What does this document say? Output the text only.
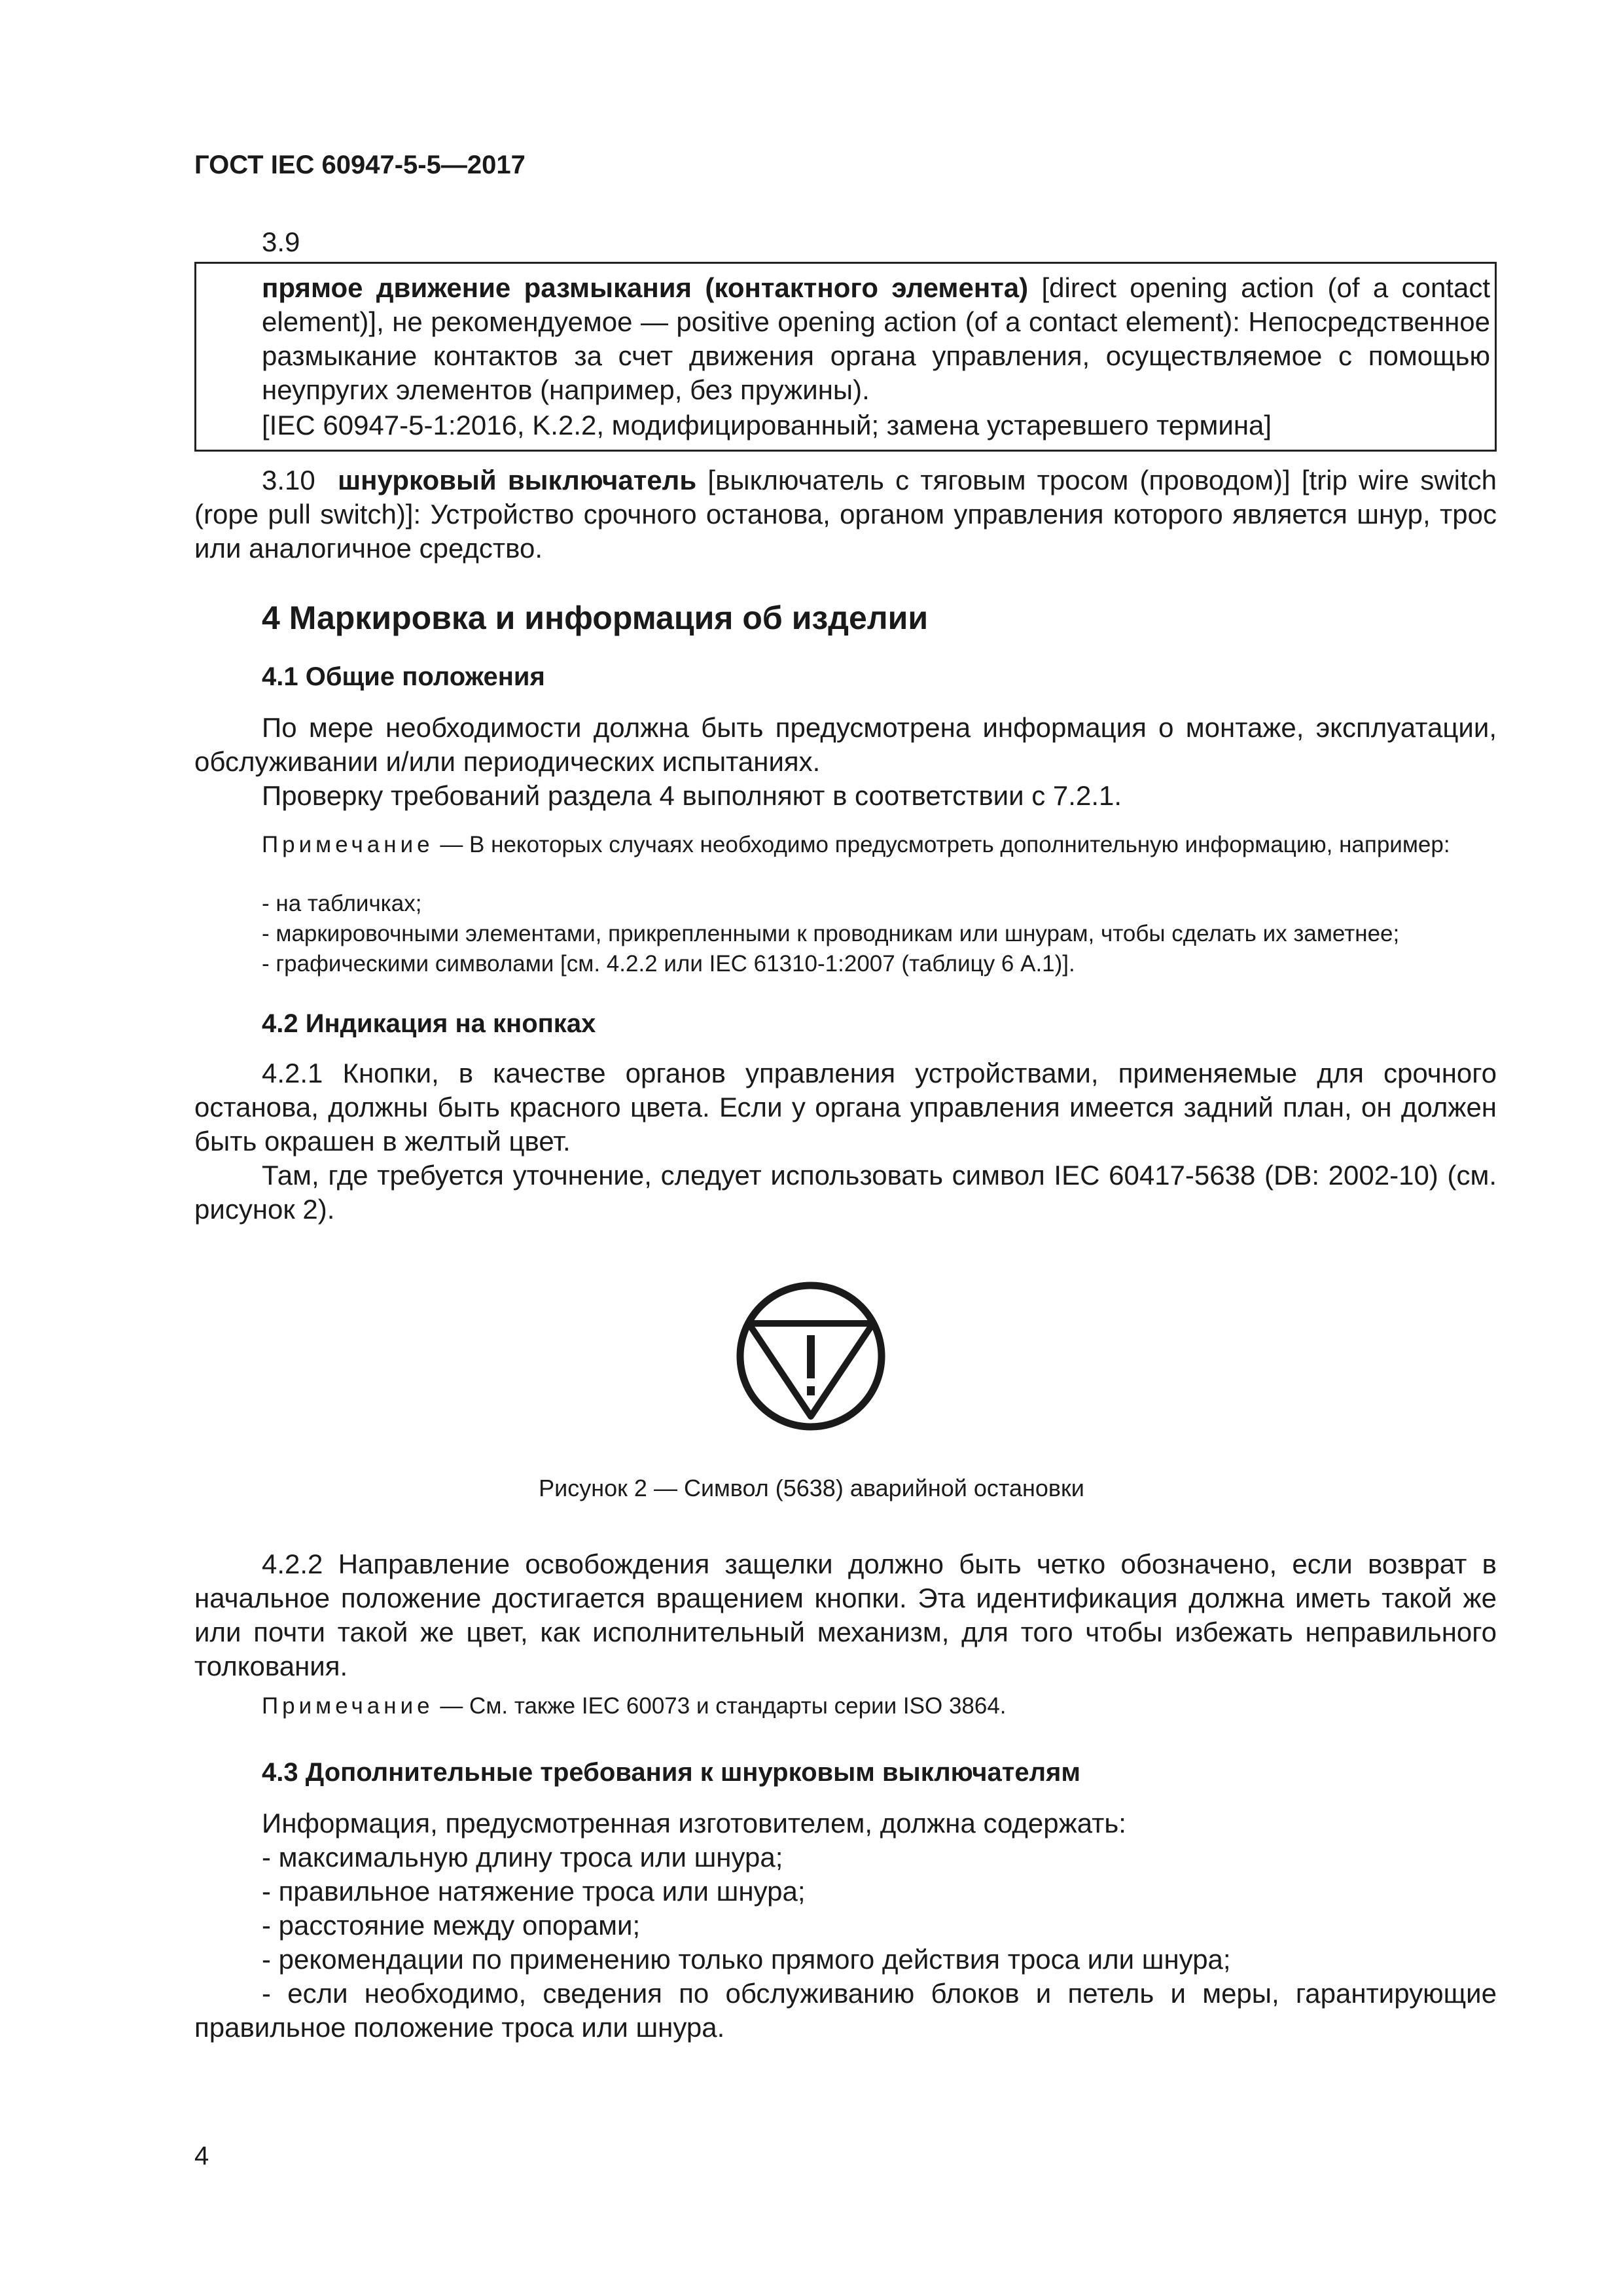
ГОСТ IEC 60947-5-5—2017
3.9
прямое движение размыкания (контактного элемента) [direct opening action (of a contact element)], не рекомендуемое — positive opening action (of a contact element): Непосредственное размыкание контактов за счет движения органа управления, осуществляемое с помощью неупругих элементов (например, без пружины).
[IEC 60947-5-1:2016, K.2.2, модифицированный; замена устаревшего термина]
3.10 шнурковый выключатель [выключатель с тяговым тросом (проводом)] [trip wire switch (rope pull switch)]: Устройство срочного останова, органом управления которого является шнур, трос или аналогичное средство.
4 Маркировка и информация об изделии
4.1 Общие положения
По мере необходимости должна быть предусмотрена информация о монтаже, эксплуатации, обслуживании и/или периодических испытаниях.
Проверку требований раздела 4 выполняют в соответствии с 7.2.1.
Примечание — В некоторых случаях необходимо предусмотреть дополнительную информацию, например:
- на табличках;
- маркировочными элементами, прикрепленными к проводникам или шнурам, чтобы сделать их заметнее;
- графическими символами [см. 4.2.2 или IEC 61310-1:2007 (таблицу 6 A.1)].
4.2 Индикация на кнопках
4.2.1 Кнопки, в качестве органов управления устройствами, применяемые для срочного останова, должны быть красного цвета. Если у органа управления имеется задний план, он должен быть окрашен в желтый цвет.
Там, где требуется уточнение, следует использовать символ IEC 60417-5638 (DB: 2002-10) (см. рисунок 2).
Рисунок 2 — Символ (5638) аварийной остановки
4.2.2 Направление освобождения защелки должно быть четко обозначено, если возврат в начальное положение достигается вращением кнопки. Эта идентификация должна иметь такой же или почти такой же цвет, как исполнительный механизм, для того чтобы избежать неправильного толкования.
Примечание — См. также IEC 60073 и стандарты серии ISO 3864.
4.3 Дополнительные требования к шнурковым выключателям
Информация, предусмотренная изготовителем, должна содержать:
- максимальную длину троса или шнура;
- правильное натяжение троса или шнура;
- расстояние между опорами;
- рекомендации по применению только прямого действия троса или шнура;
- если необходимо, сведения по обслуживанию блоков и петель и меры, гарантирующие правильное положение троса или шнура.
4
